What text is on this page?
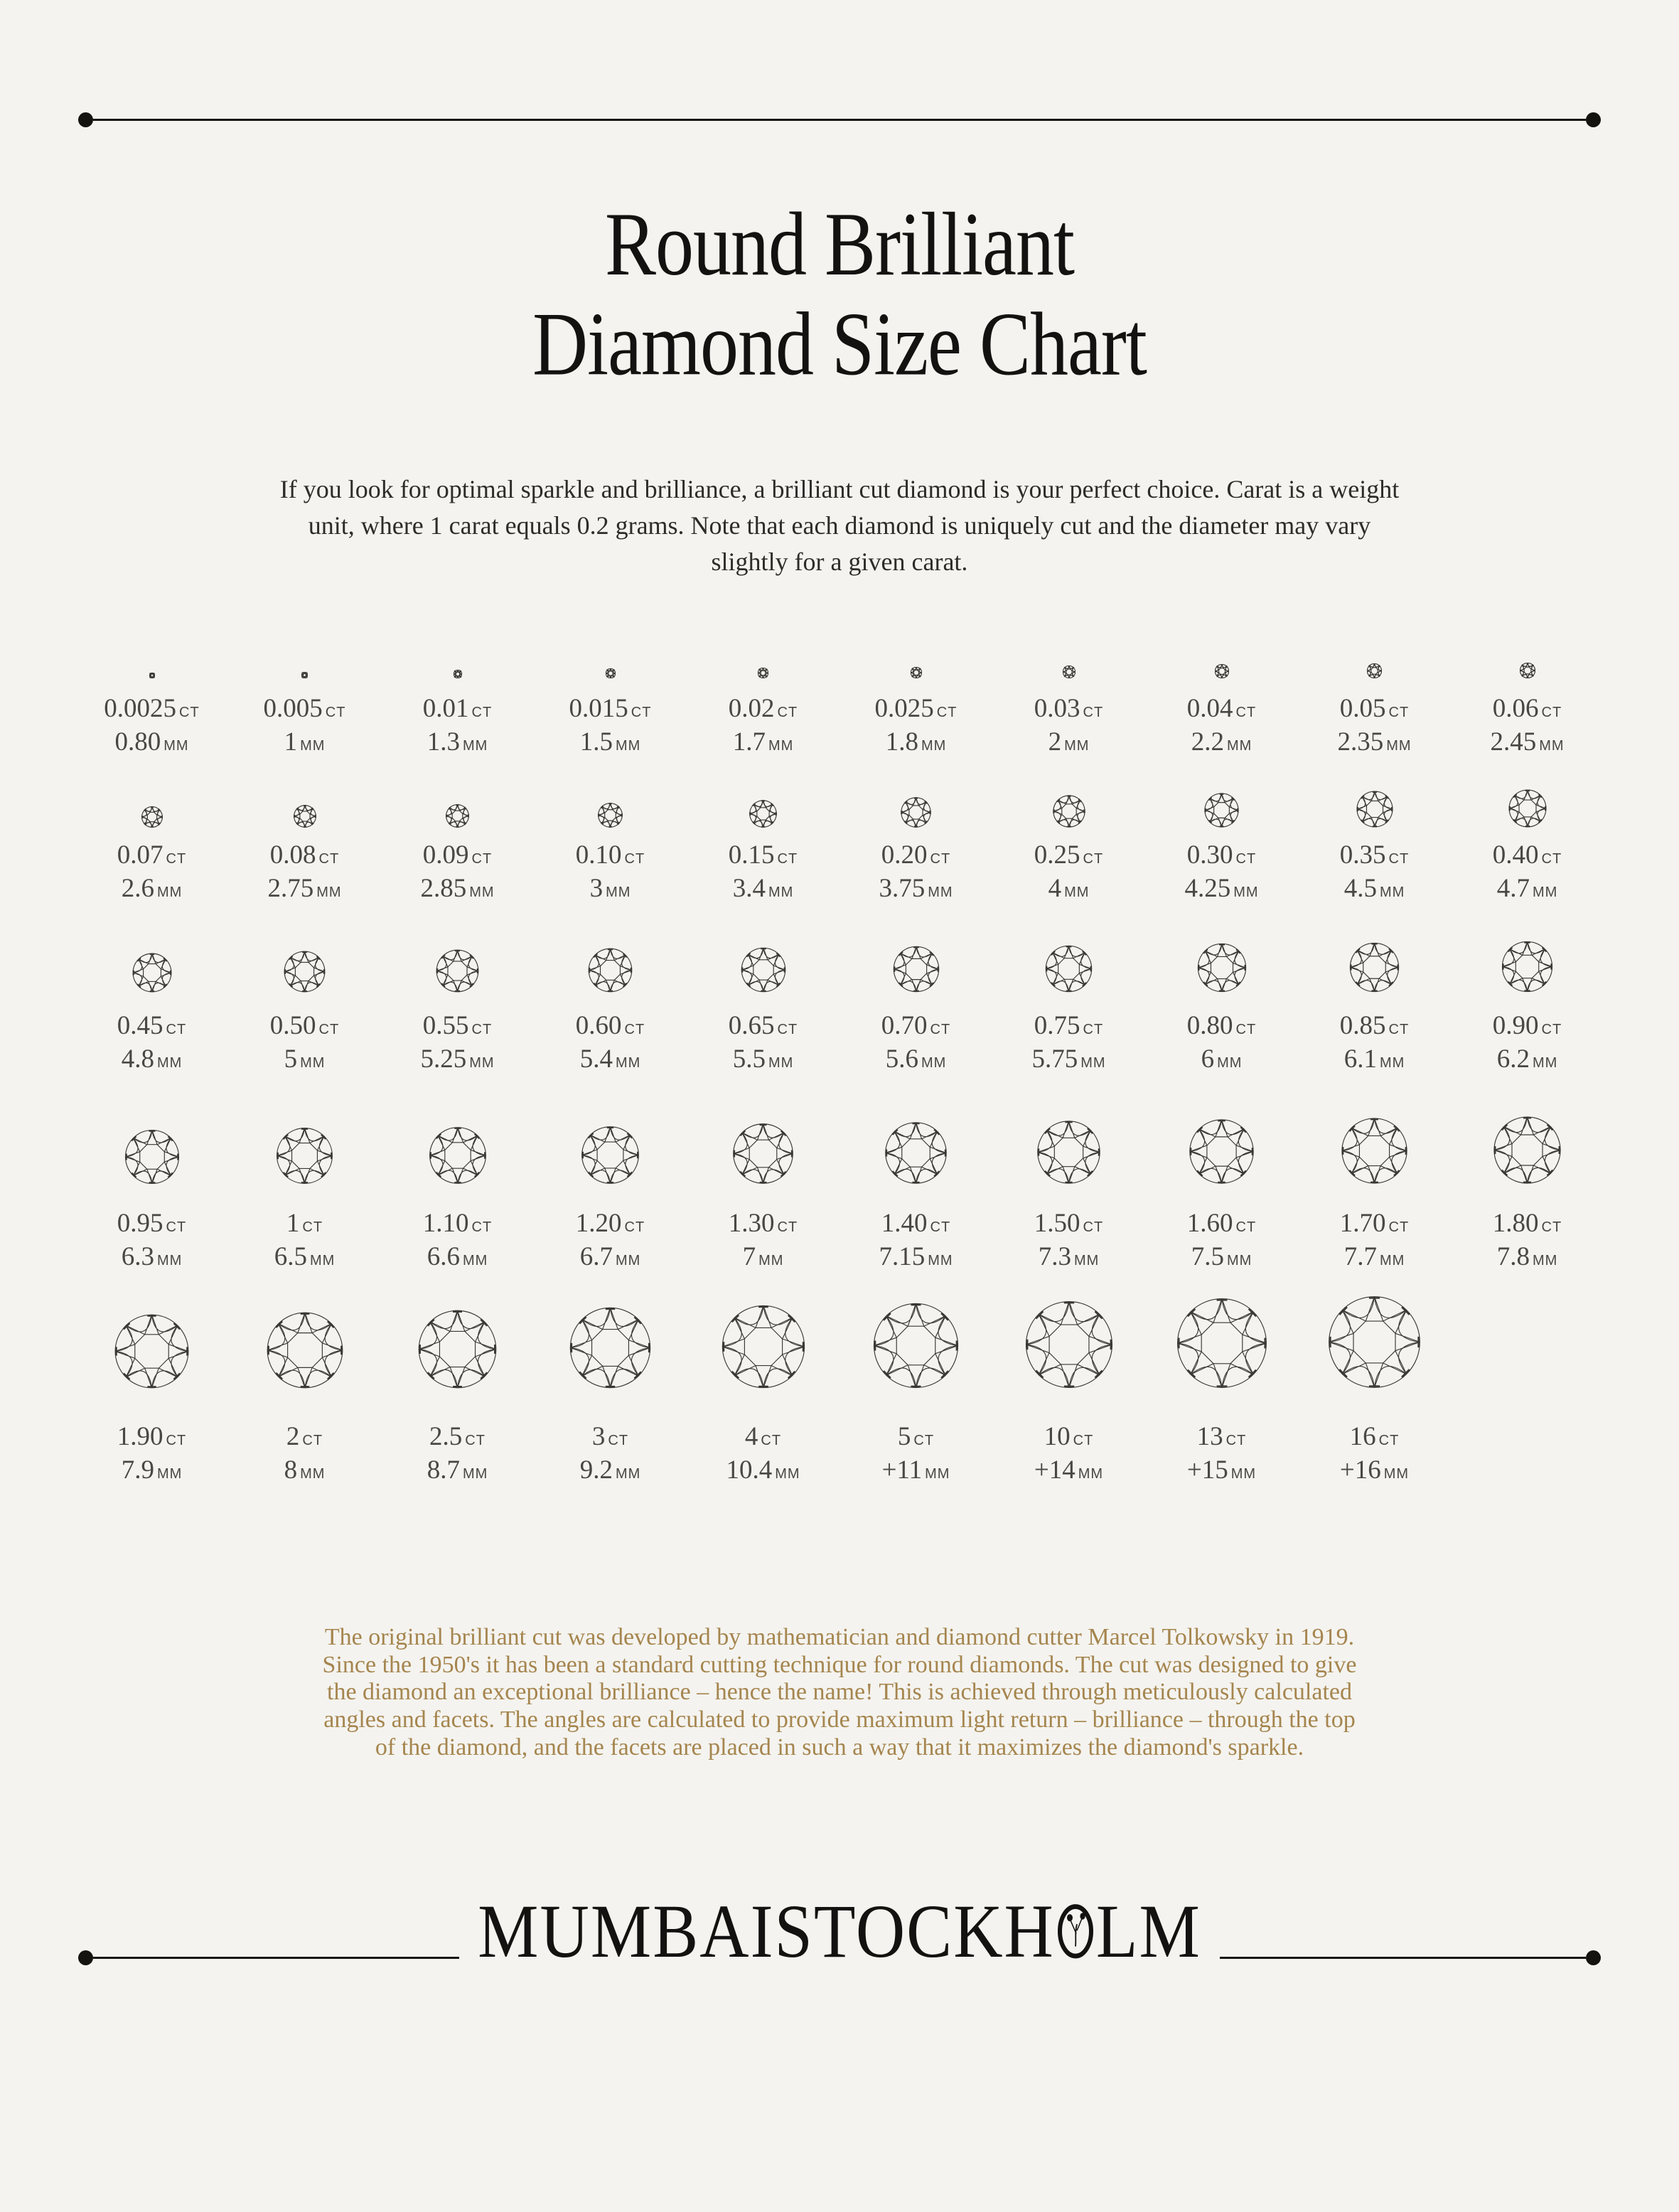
Round Brilliant
Diamond Size Chart

If you look for optimal sparkle and brilliance, a brilliant cut diamond is your perfect choice. Carat is a weight unit, where 1 carat equals 0.2 grams. Note that each diamond is uniquely cut and the diameter may vary slightly for a given carat.

0.0025 CT
0.80 MM
0.005 CT
1 MM
0.01 CT
1.3 MM
0.015 CT
1.5 MM
0.02 CT
1.7 MM
0.025 CT
1.8 MM
0.03 CT
2 MM
0.04 CT
2.2 MM
0.05 CT
2.35 MM
0.06 CT
2.45 MM
0.07 CT
2.6 MM
0.08 CT
2.75 MM
0.09 CT
2.85 MM
0.10 CT
3 MM
0.15 CT
3.4 MM
0.20 CT
3.75 MM
0.25 CT
4 MM
0.30 CT
4.25 MM
0.35 CT
4.5 MM
0.40 CT
4.7 MM
0.45 CT
4.8 MM
0.50 CT
5 MM
0.55 CT
5.25 MM
0.60 CT
5.4 MM
0.65 CT
5.5 MM
0.70 CT
5.6 MM
0.75 CT
5.75 MM
0.80 CT
6 MM
0.85 CT
6.1 MM
0.90 CT
6.2 MM
0.95 CT
6.3 MM
1 CT
6.5 MM
1.10 CT
6.6 MM
1.20 CT
6.7 MM
1.30 CT
7 MM
1.40 CT
7.15 MM
1.50 CT
7.3 MM
1.60 CT
7.5 MM
1.70 CT
7.7 MM
1.80 CT
7.8 MM
1.90 CT
7.9 MM
2 CT
8 MM
2.5 CT
8.7 MM
3 CT
9.2 MM
4 CT
10.4 MM
5 CT
+11 MM
10 CT
+14 MM
13 CT
+15 MM
16 CT
+16 MM

The original brilliant cut was developed by mathematician and diamond cutter Marcel Tolkowsky in 1919. Since the 1950's it has been a standard cutting technique for round diamonds. The cut was designed to give the diamond an exceptional brilliance – hence the name! This is achieved through meticulously calculated angles and facets. The angles are calculated to provide maximum light return – brilliance – through the top of the diamond, and the facets are placed in such a way that it maximizes the diamond's sparkle.

MUMBAISTOCKH LM
